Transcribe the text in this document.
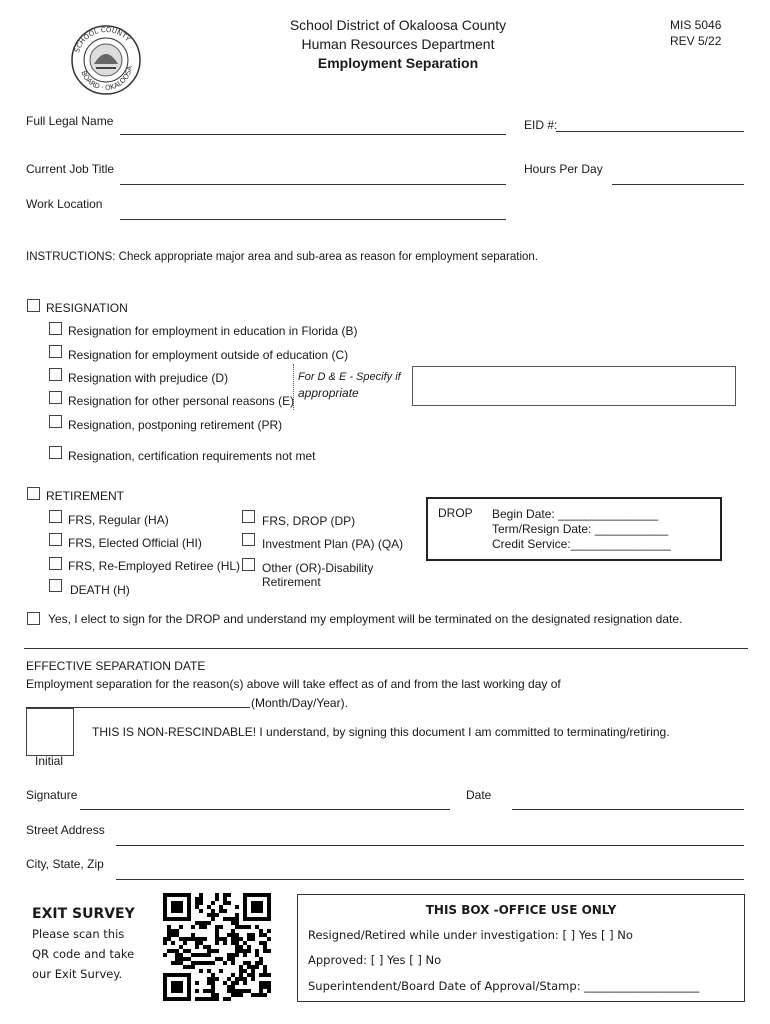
SCHOOL COUNTY
BOARD · OKALOOSA
School District of Okaloosa County
Human Resources Department
Employment Separation
MIS 5046
REV 5/22
Full Legal Name	EID #:
Current Job Title	Hours Per Day
Work Location
INSTRUCTIONS: Check appropriate major area and sub-area as reason for employment separation.
RESIGNATION
Resignation for employment in education in Florida (B)
Resignation for employment outside of education (C)
Resignation with prejudice (D)
Resignation for other personal reasons (E)
Resignation, postponing retirement (PR)
Resignation, certification requirements not met
For D & E - Specify if
appropriate
RETIREMENT
FRS, Regular (HA)
FRS, Elected Official (HI)
FRS, Re-Employed Retiree (HL)
DEATH (H)
FRS, DROP (DP)
Investment Plan (PA) (QA)
Other (OR)-Disability
Retirement
DROP Begin Date: _______________
Term/Resign Date: ___________
Credit Service:_______________
Yes, I elect to sign for the DROP and understand my employment will be terminated on the designated resignation date.
EFFECTIVE SEPARATION DATE
Employment separation for the reason(s) above will take effect as of and from the last working day of
(Month/Day/Year).
Initial
THIS IS NON-RESCINDABLE! I understand, by signing this document I am committed to terminating/retiring.
Signature	Date
Street Address
City, State, Zip
EXIT SURVEY
Please scan this
QR code and take
our Exit Survey.
THIS BOX -OFFICE USE ONLY
Resigned/Retired while under investigation: [ ] Yes [ ] No
Approved: [ ] Yes [ ] No
Superintendent/Board Date of Approval/Stamp: ____________________
